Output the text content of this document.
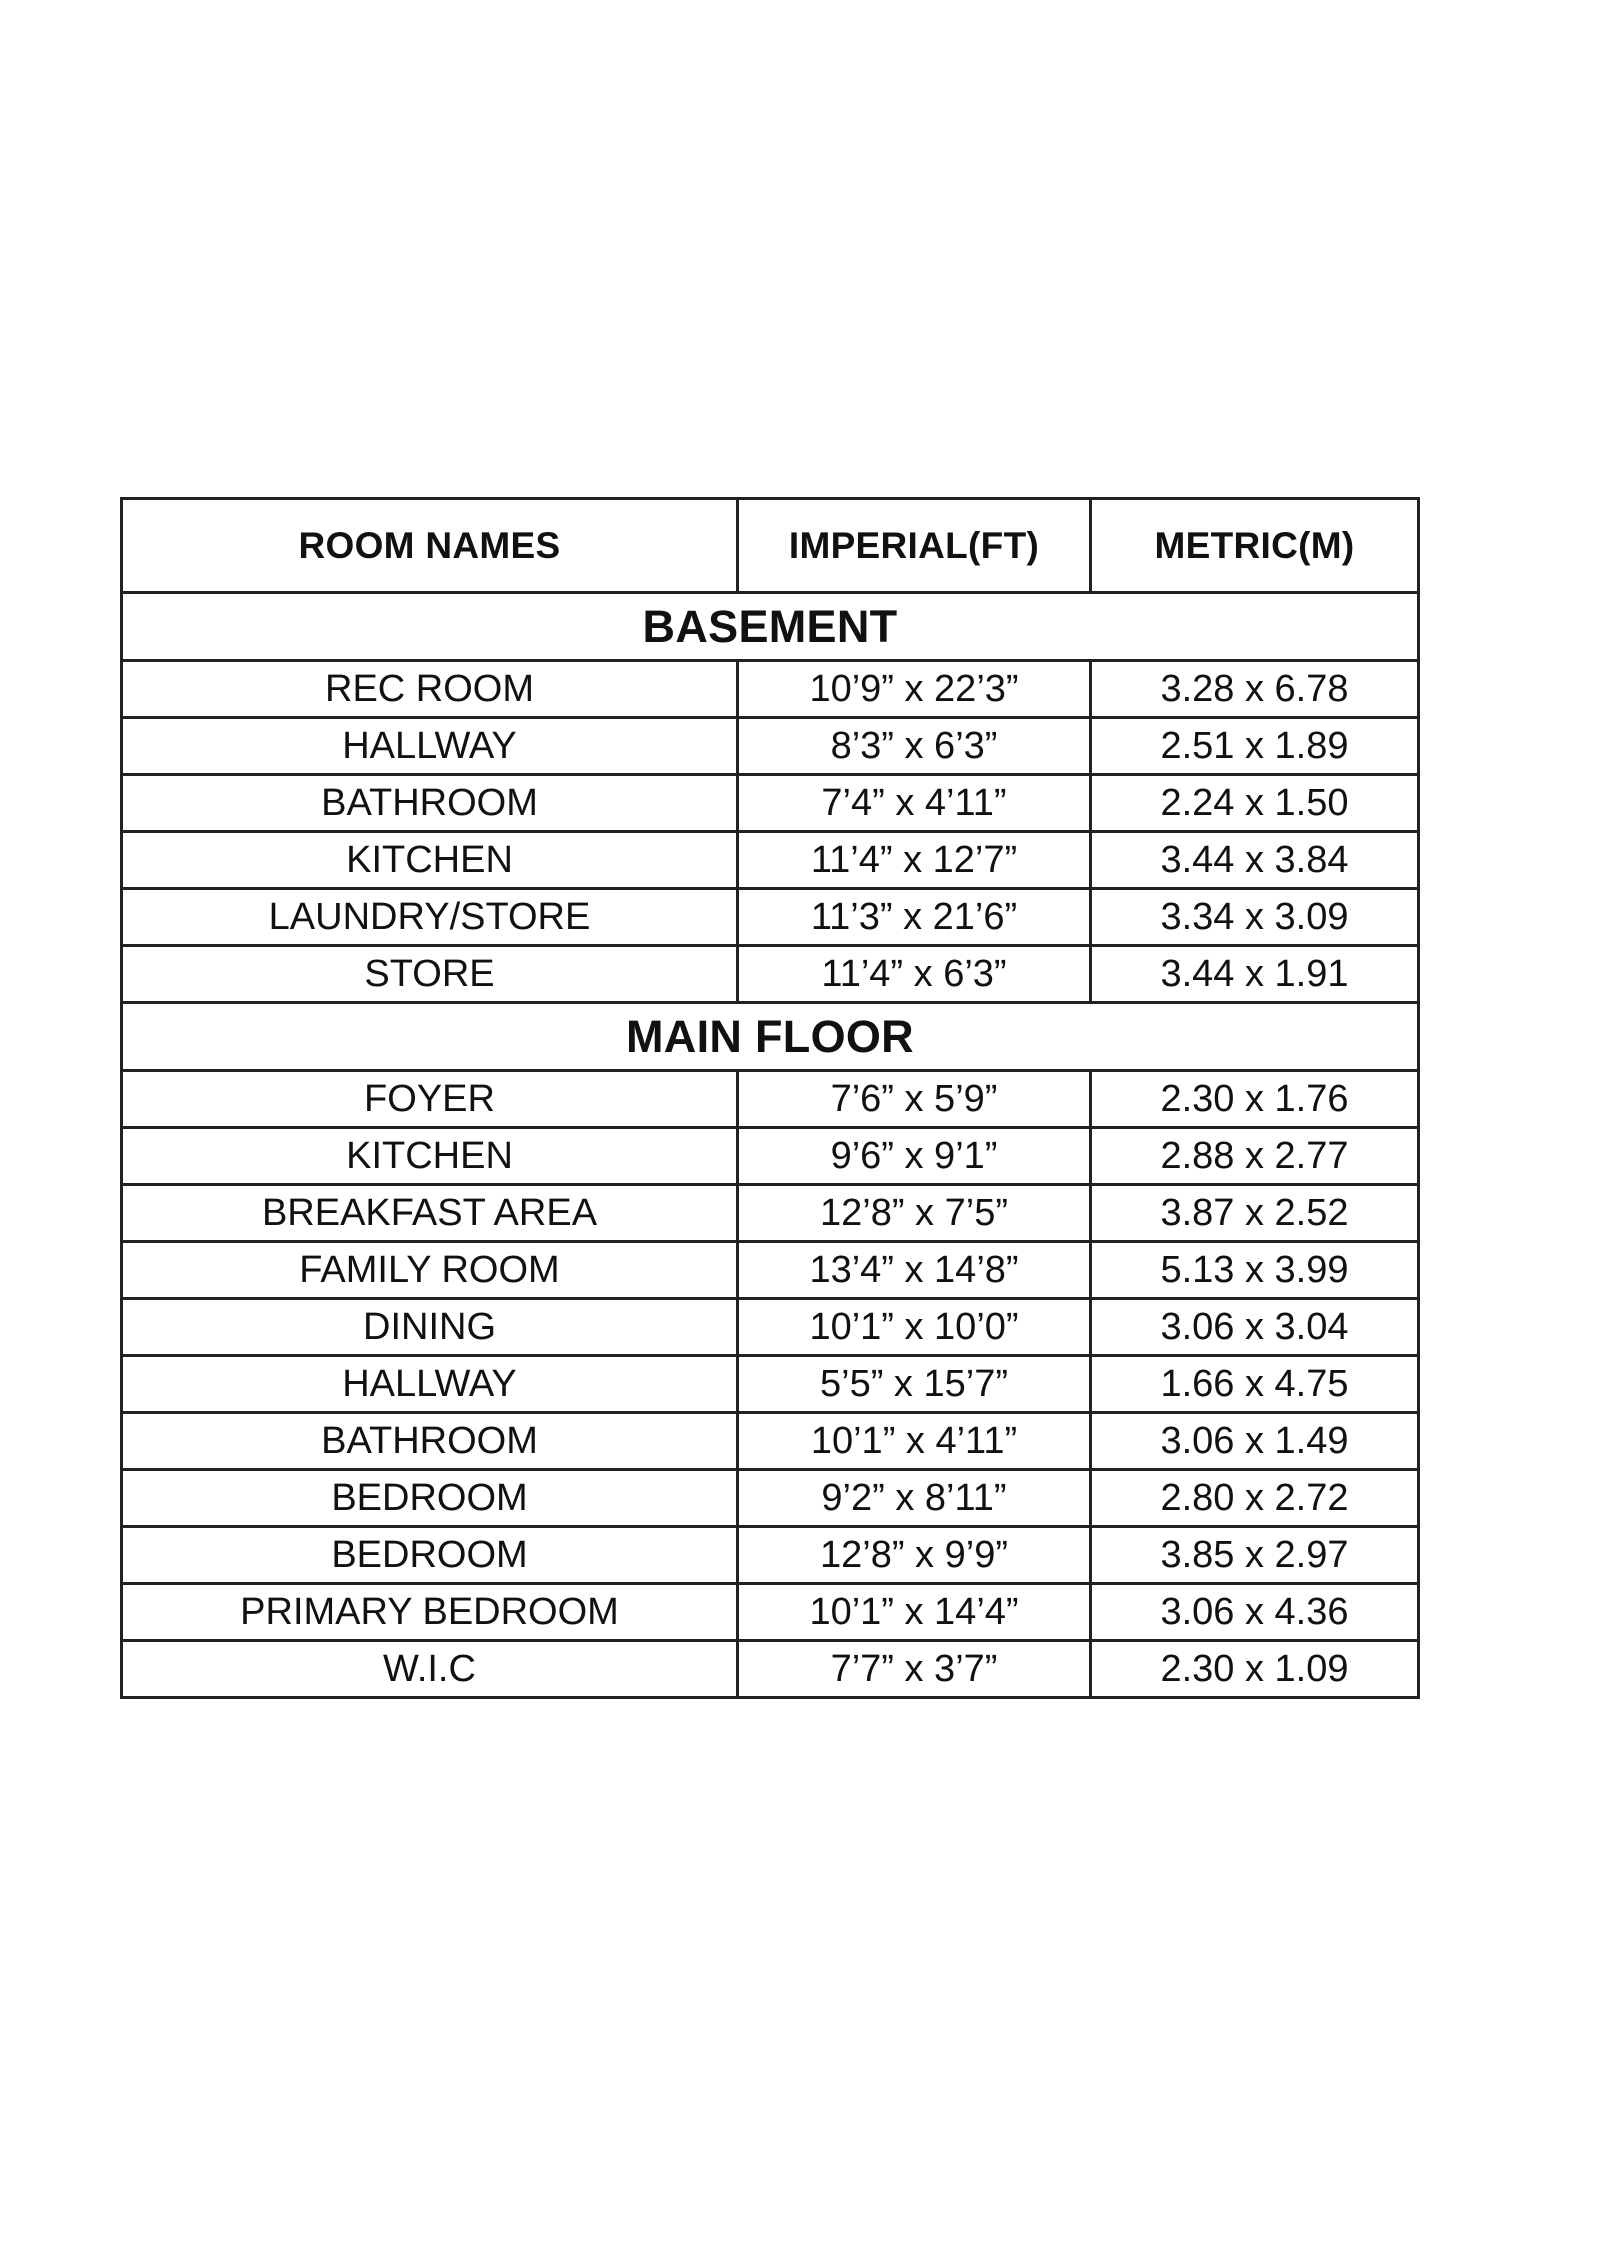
ROOM NAMES	IMPERIAL(FT)	METRIC(M)
BASEMENT		
REC ROOM	10’9” x 22’3”	3.28 x 6.78
HALLWAY	8’3” x 6’3”	2.51 x 1.89
BATHROOM	7’4” x 4’11”	2.24 x 1.50
KITCHEN	11’4” x 12’7”	3.44 x 3.84
LAUNDRY/STORE	11’3” x 21’6”	3.34 x 3.09
STORE	11’4” x 6’3”	3.44 x 1.91
MAIN FLOOR		
FOYER	7’6” x 5’9”	2.30 x 1.76
KITCHEN	9’6” x 9’1”	2.88 x 2.77
BREAKFAST AREA	12’8” x 7’5”	3.87 x 2.52
FAMILY ROOM	13’4” x 14’8”	5.13 x 3.99
DINING	10’1” x 10’0”	3.06 x 3.04
HALLWAY	5’5” x 15’7”	1.66 x 4.75
BATHROOM	10’1” x 4’11”	3.06 x 1.49
BEDROOM	9’2” x 8’11”	2.80 x 2.72
BEDROOM	12’8” x 9’9”	3.85 x 2.97
PRIMARY BEDROOM	10’1” x 14’4”	3.06 x 4.36
W.I.C	7’7” x 3’7”	2.30 x 1.09
